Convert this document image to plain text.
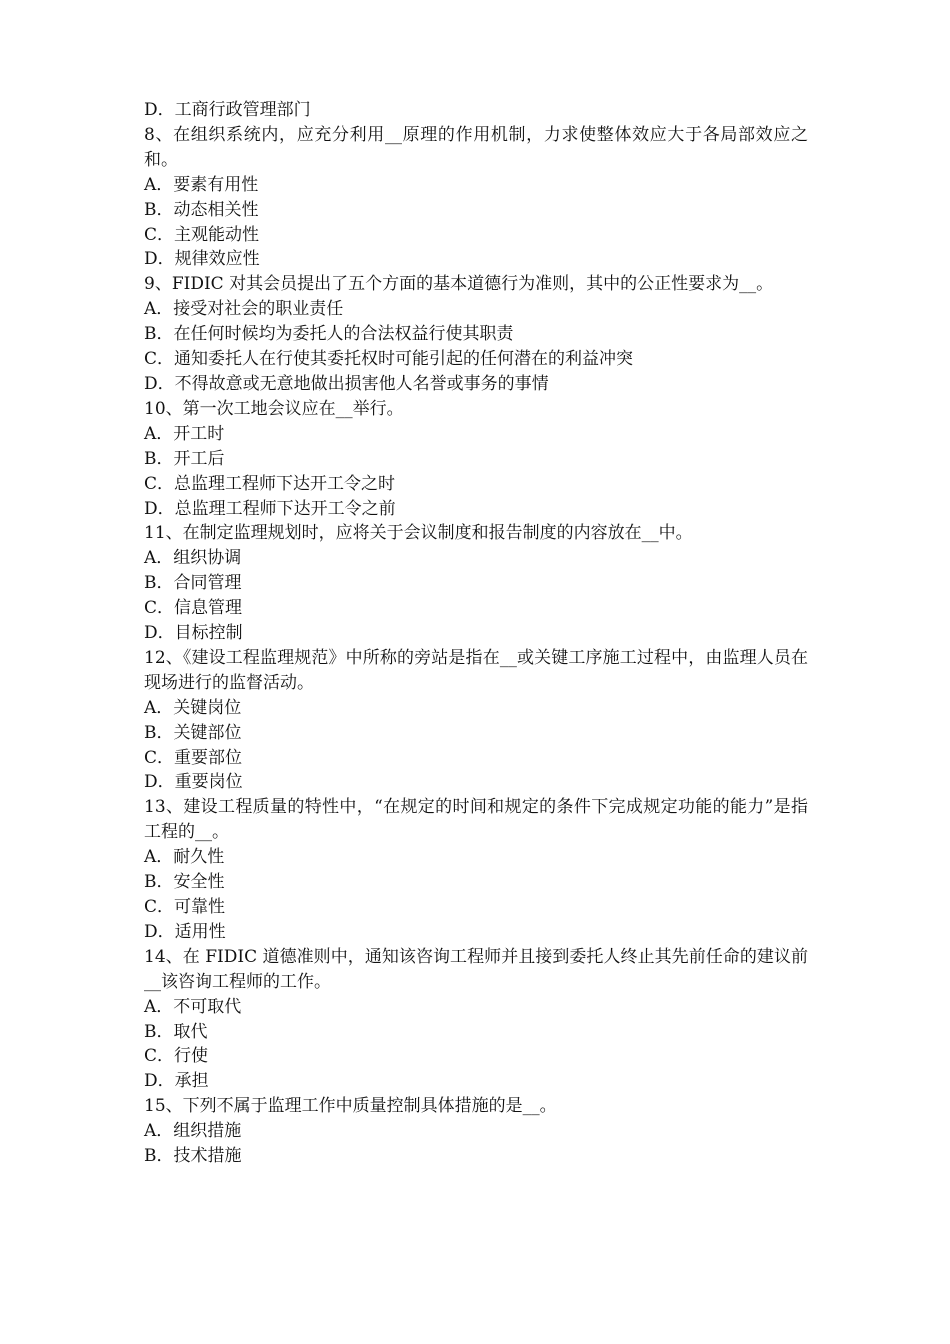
D．工商行政管理部门
8、在组织系统内，应充分利用__原理的作用机制，力求使整体效应大于各局部效应之和。
A．要素有用性
B．动态相关性
C．主观能动性
D．规律效应性
9、FIDIC 对其会员提出了五个方面的基本道德行为准则，其中的公正性要求为__。
A．接受对社会的职业责任
B．在任何时候均为委托人的合法权益行使其职责
C．通知委托人在行使其委托权时可能引起的任何潜在的利益冲突
D．不得故意或无意地做出损害他人名誉或事务的事情
10、第一次工地会议应在__举行。
A．开工时
B．开工后
C．总监理工程师下达开工令之时
D．总监理工程师下达开工令之前
11、在制定监理规划时，应将关于会议制度和报告制度的内容放在__中。
A．组织协调
B．合同管理
C．信息管理
D．目标控制
12、《建设工程监理规范》中所称的旁站是指在__或关键工序施工过程中，由监理人员在现场进行的监督活动。
A．关键岗位
B．关键部位
C．重要部位
D．重要岗位
13、建设工程质量的特性中，“在规定的时间和规定的条件下完成规定功能的能力”是指工程的__。
A．耐久性
B．安全性
C．可靠性
D．适用性
14、在 FIDIC 道德准则中，通知该咨询工程师并且接到委托人终止其先前任命的建议前__该咨询工程师的工作。
A．不可取代
B．取代
C．行使
D．承担
15、下列不属于监理工作中质量控制具体措施的是__。
A．组织措施
B．技术措施
